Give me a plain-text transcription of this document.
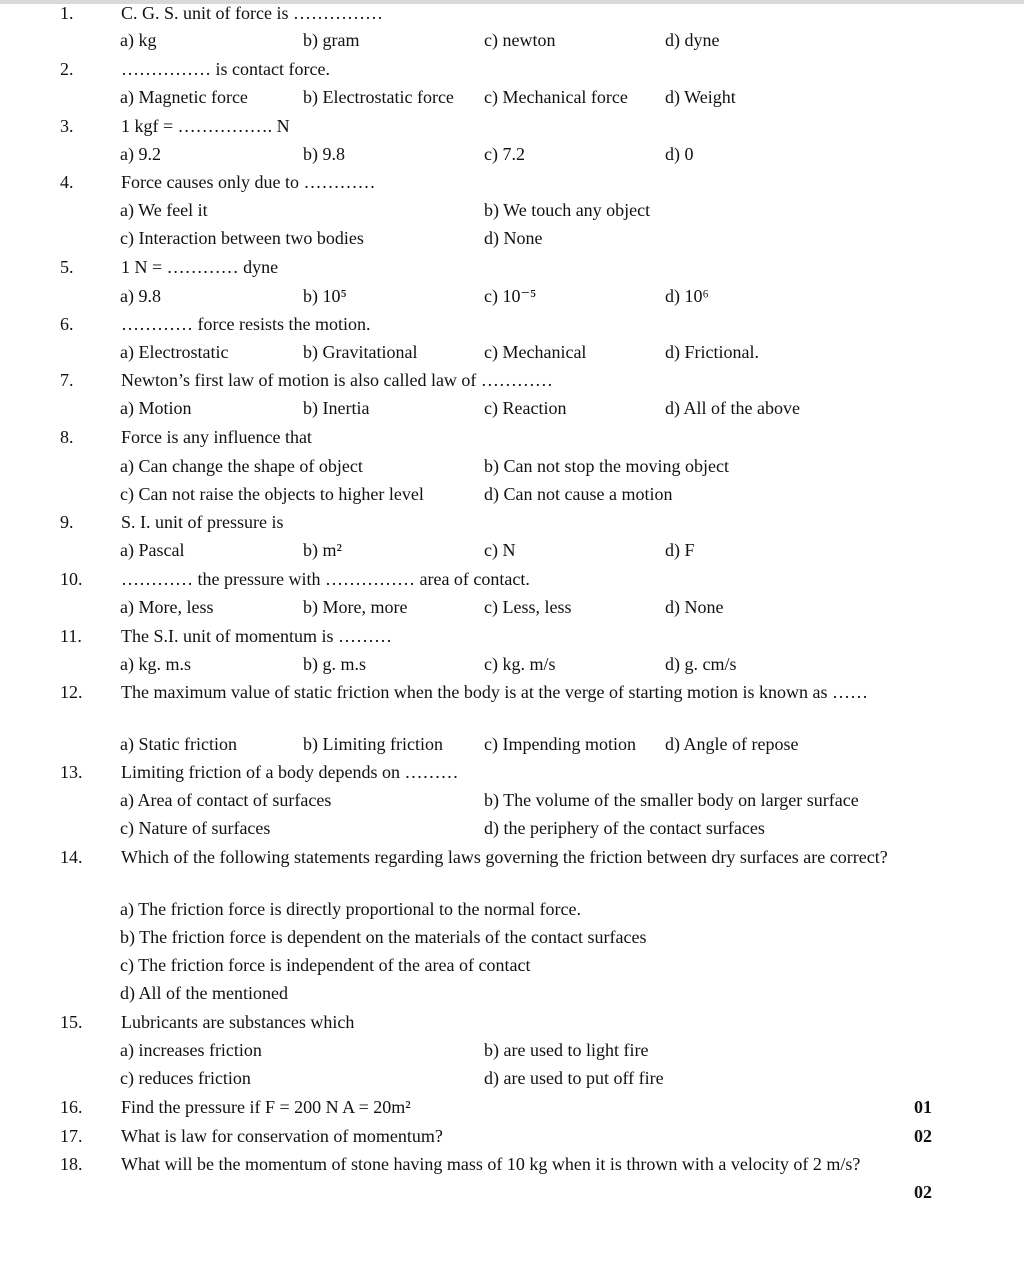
1.	C. G. S. unit of force is ……………
a) kg	b) gram	c) newton	d) dyne
2.	…………… is contact force.
a) Magnetic force	b) Electrostatic force c) Mechanical force d) Weight
3.	1 kgf = ……………. N
a) 9.2	b) 9.8	c) 7.2	d) 0
4.	Force causes only due to …………
a) We feel it	b) We touch any object
c) Interaction between two bodies	d) None
5.	1 N = ………… dyne
a) 9.8	b) 10⁵	c) 10⁻⁵	d) 10⁶
6.	………… force resists the motion.
a) Electrostatic	b) Gravitational	c) Mechanical	d) Frictional.
7.	Newton’s first law of motion is also called law of …………
a) Motion	b) Inertia	c) Reaction	d) All of the above
8.	Force is any influence that
a) Can change the shape of object	b) Can not stop the moving object
c) Can not raise the objects to higher level	d) Can not cause a motion
9.	S. I. unit of pressure is
a) Pascal	b) m²	c) N	d) F
10. ………… the pressure with …………… area of contact.
a) More, less	b) More, more	c) Less, less	d) None
11. The S.I. unit of momentum is ………
a) kg. m.s	b) g. m.s	c) kg. m/s	d) g. cm/s
12. The maximum value of static friction when the body is at the verge of starting motion is known as ……
a) Static friction	b) Limiting friction c) Impending motion d) Angle of repose
13. Limiting friction of a body depends on ………
a) Area of contact of surfaces	b) The volume of the smaller body on larger surface
c) Nature of surfaces	d) the periphery of the contact surfaces
14. Which of the following statements regarding laws governing the friction between dry surfaces are correct?
a) The friction force is directly proportional to the normal force.
b) The friction force is dependent on the materials of the contact surfaces
c) The friction force is independent of the area of contact
d) All of the mentioned
15. Lubricants are substances which
a) increases friction	b) are used to light fire
c) reduces friction	d) are used to put off fire
16. Find the pressure if F = 200 N A = 20m²	01
17. What is law for conservation of momentum?	02
18. What will be the momentum of stone having mass of 10 kg when it is thrown with a velocity of 2 m/s?
02
